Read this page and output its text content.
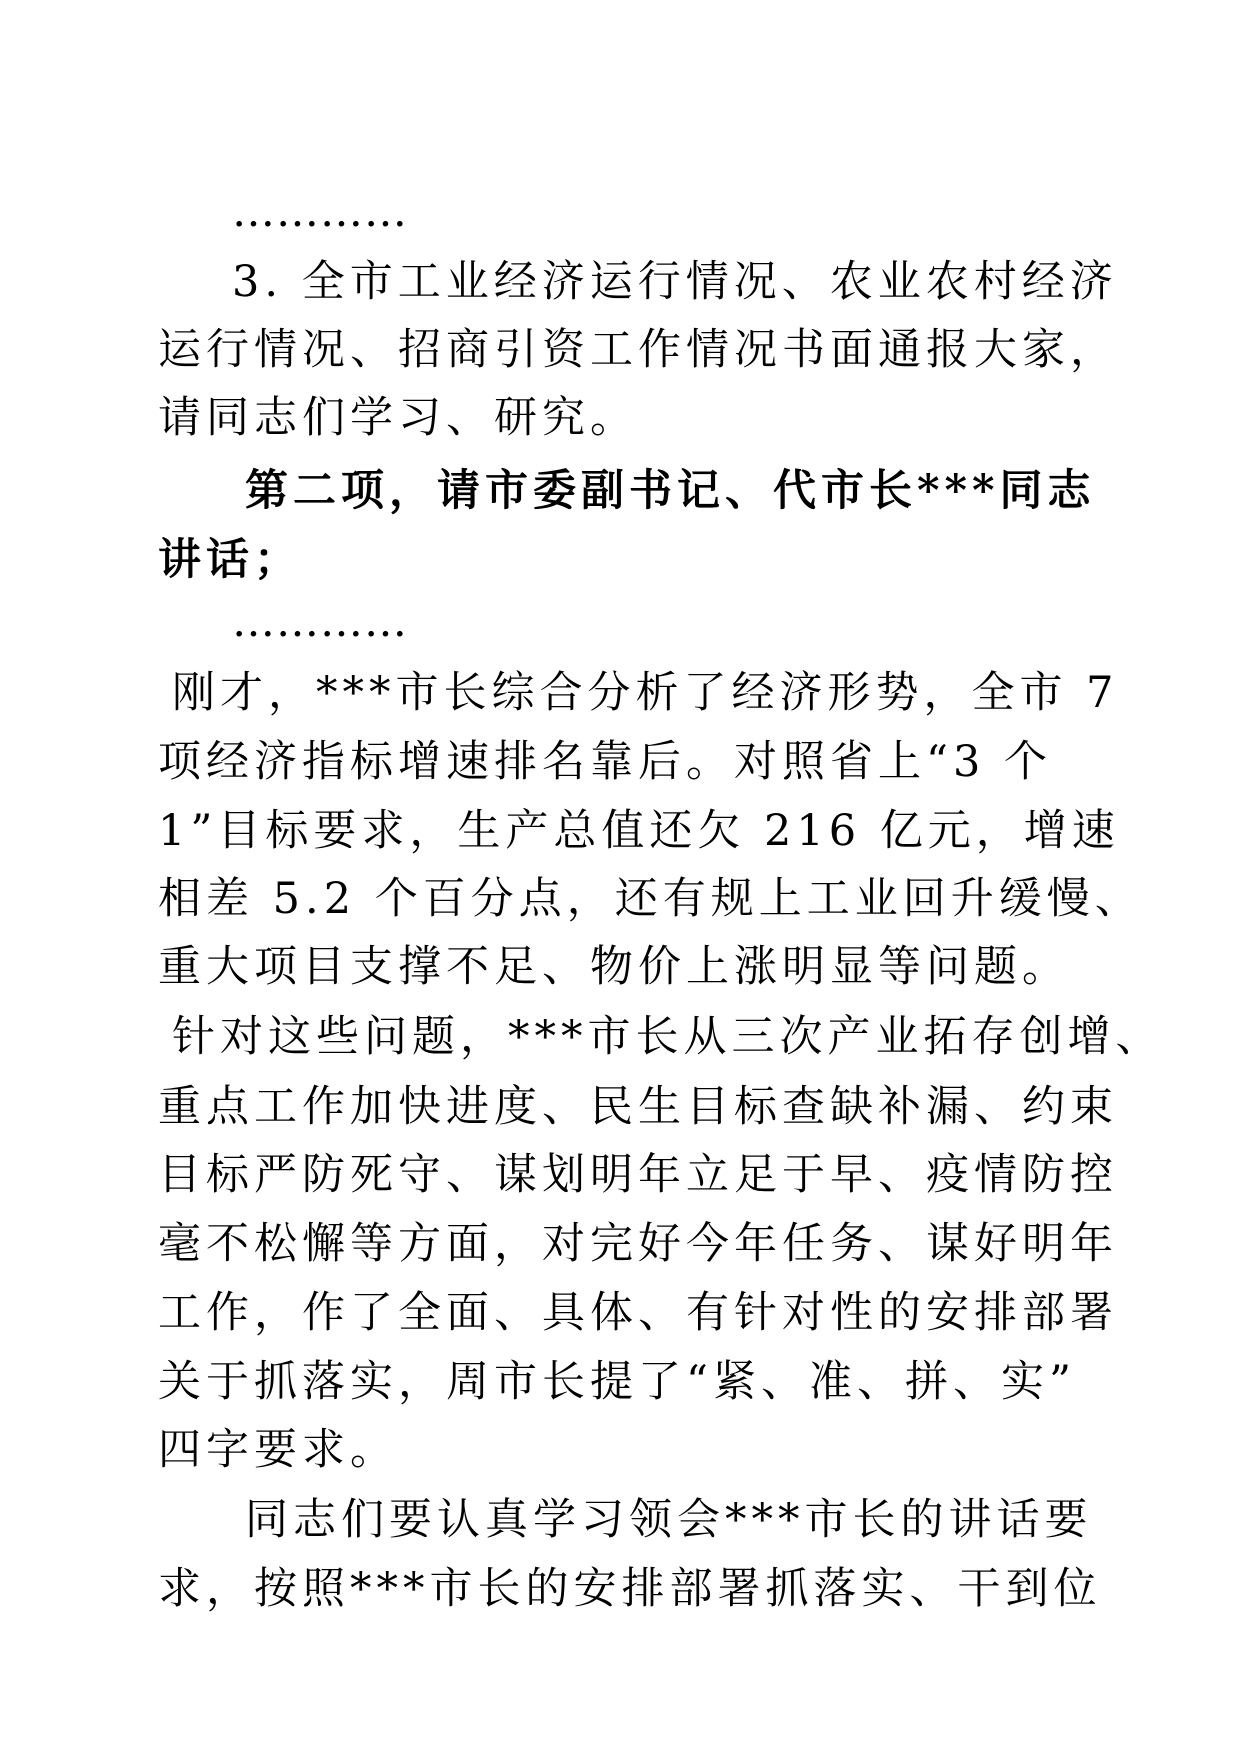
…………
3. 全市工业经济运行情况、农业农村经济
运行情况、招商引资工作情况书面通报大家，
请同志们学习、研究。
第二项，请市委副书记、代市长***同志
讲话；
…………
刚才，***市长综合分析了经济形势，全市 7
项经济指标增速排名靠后。对照省上“3 个
1”目标要求，生产总值还欠 216 亿元，增速
相差 5.2 个百分点，还有规上工业回升缓慢、
重大项目支撑不足、物价上涨明显等问题。
针对这些问题，***市长从三次产业拓存创增、
重点工作加快进度、民生目标查缺补漏、约束
目标严防死守、谋划明年立足于早、疫情防控
毫不松懈等方面，对完好今年任务、谋好明年
工作，作了全面、具体、有针对性的安排部署
关于抓落实，周市长提了“紧、准、拼、实”
四字要求。
同志们要认真学习领会***市长的讲话要
求，按照***市长的安排部署抓落实、干到位
